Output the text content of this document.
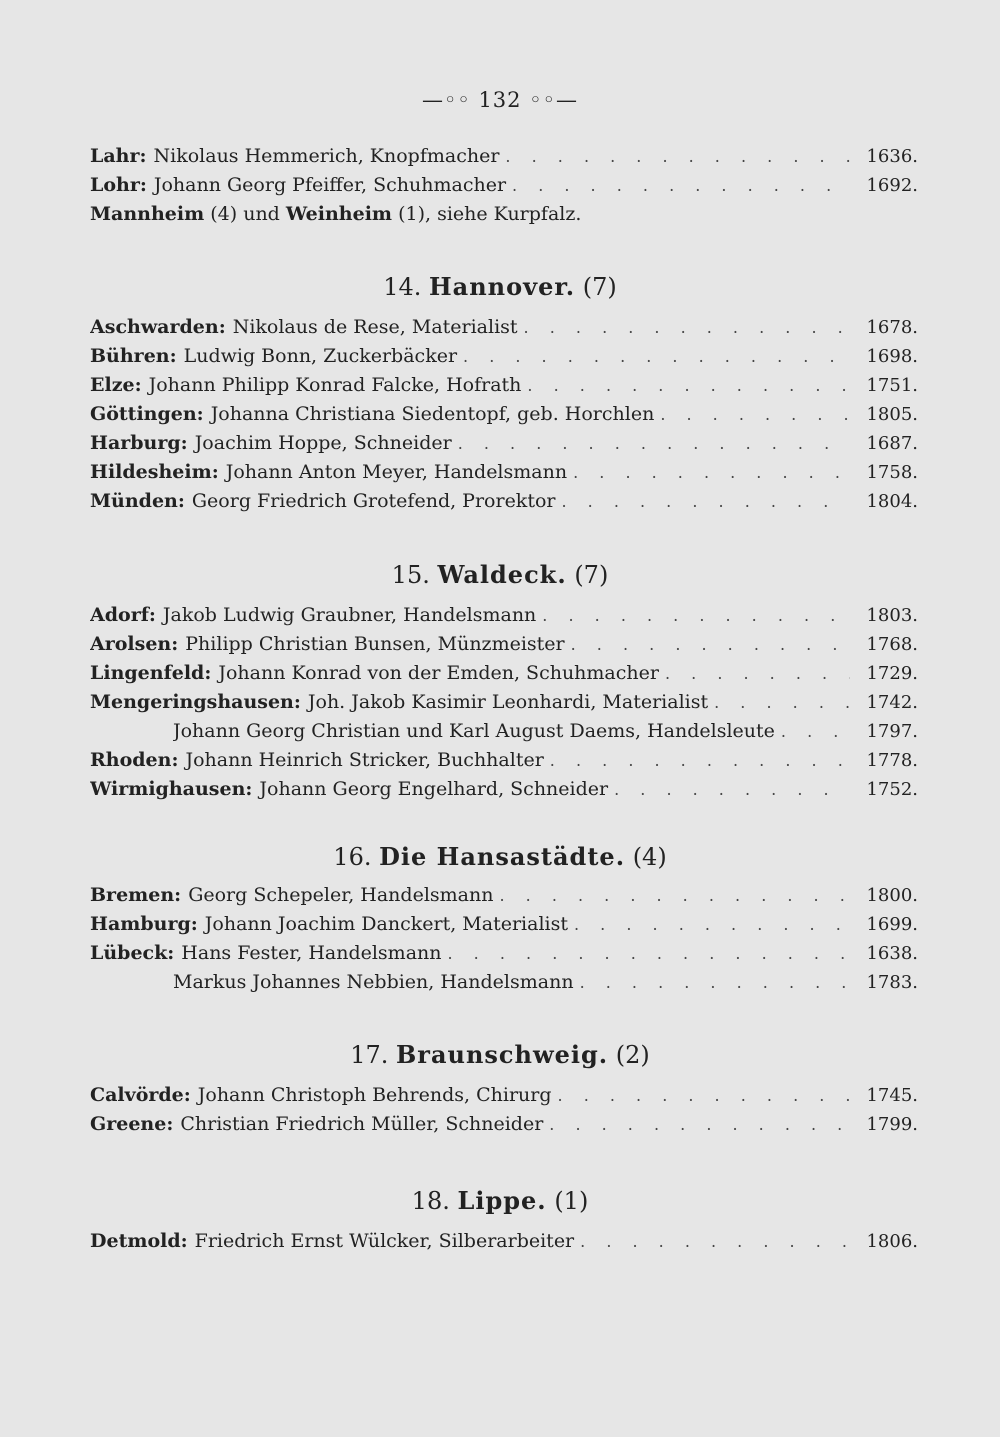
—◦◦ 132 ◦◦—
Lahr : Nikolaus Hemmerich, Knopfmacher . . .	1636.
Lohr : Johann Georg Pfeiffer, Schuhmacher . . .	1692.
Mannheim (4) und Weinheim (1), siehe Kurpfalz.
14. Hannover. (7)
Aschwarden : Nikolaus de Rese, Materialist . . .	1678.
Bühren : Ludwig Bonn, Zuckerbäcker . . .	1698.
Elze : Johann Philipp Konrad Falcke, Hofrath . . .	1751.
Göttingen : Johanna Christiana Siedentopf, geb. Horchlen . . .	1805.
Harburg : Joachim Hoppe, Schneider . . .	1687.
Hildesheim : Johann Anton Meyer, Handelsmann . . .	1758.
Münden : Georg Friedrich Grotefend, Prorektor . . .	1804.
15. Waldeck. (7)
Adorf : Jakob Ludwig Graubner, Handelsmann . . .	1803.
Arolsen : Philipp Christian Bunsen, Münzmeister . . .	1768.
Lingenfeld : Johann Konrad von der Emden, Schuhmacher . . .	1729.
Mengeringshausen : Joh. Jakob Kasimir Leonhardi, Materialist . . .	1742.
Johann Georg Christian und Karl August Daems, Handelsleute . . .	1797.
Rhoden : Johann Heinrich Stricker, Buchhalter . . .	1778.
Wirmighausen : Johann Georg Engelhard, Schneider . . .	1752.
16. Die Hansastädte. (4)
Bremen : Georg Schepeler, Handelsmann . . .	1800.
Hamburg : Johann Joachim Danckert, Materialist . . .	1699.
Lübeck : Hans Fester, Handelsmann . . .	1638.
Markus Johannes Nebbien, Handelsmann . . .	1783.
17. Braunschweig. (2)
Calvörde : Johann Christoph Behrends, Chirurg . . .	1745.
Greene : Christian Friedrich Müller, Schneider . . .	1799.
18. Lippe. (1)
Detmold : Friedrich Ernst Wülcker, Silberarbeiter . . .	1806.
